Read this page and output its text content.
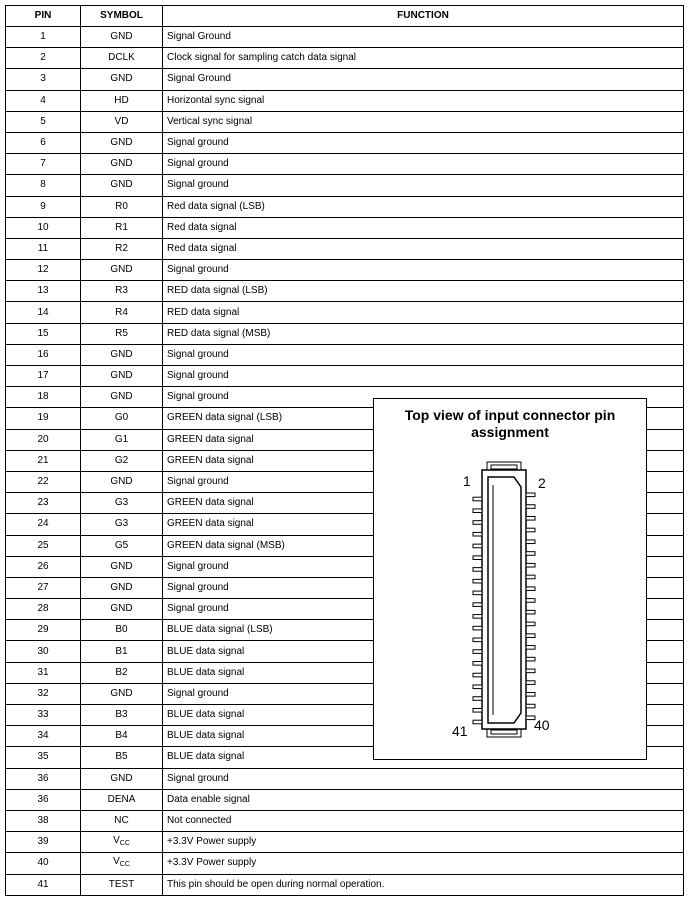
PIN	SYMBOL	FUNCTION
1	GND	Signal Ground
2	DCLK	Clock signal for sampling catch data signal
3	GND	Signal Ground
4	HD	Horizontal sync signal
5	VD	Vertical sync signal
6	GND	Signal ground
7	GND	Signal ground
8	GND	Signal ground
9	R0	Red data signal (LSB)
10	R1	Red data signal
11	R2	Red data signal
12	GND	Signal ground
13	R3	RED data signal (LSB)
14	R4	RED data signal
15	R5	RED data signal (MSB)
16	GND	Signal ground
17	GND	Signal ground
18	GND	Signal ground
19	G0	GREEN data signal (LSB)
20	G1	GREEN data signal
21	G2	GREEN data signal
22	GND	Signal ground
23	G3	GREEN data signal
24	G3	GREEN data signal
25	G5	GREEN data signal (MSB)
26	GND	Signal ground
27	GND	Signal ground
28	GND	Signal ground
29	B0	BLUE data signal (LSB)
30	B1	BLUE data signal
31	B2	BLUE data signal
32	GND	Signal ground
33	B3	BLUE data signal
34	B4	BLUE data signal
35	B5	BLUE data signal
36	GND	Signal ground
36	DENA	Data enable signal
38	NC	Not connected
39	$V_{CC}$	+3.3V Power supply
40	$V_{CC}$	+3.3V Power supply
41	TEST	This pin should be open during normal operation.
Top view of input connector pin assignment
1	2
41	40
